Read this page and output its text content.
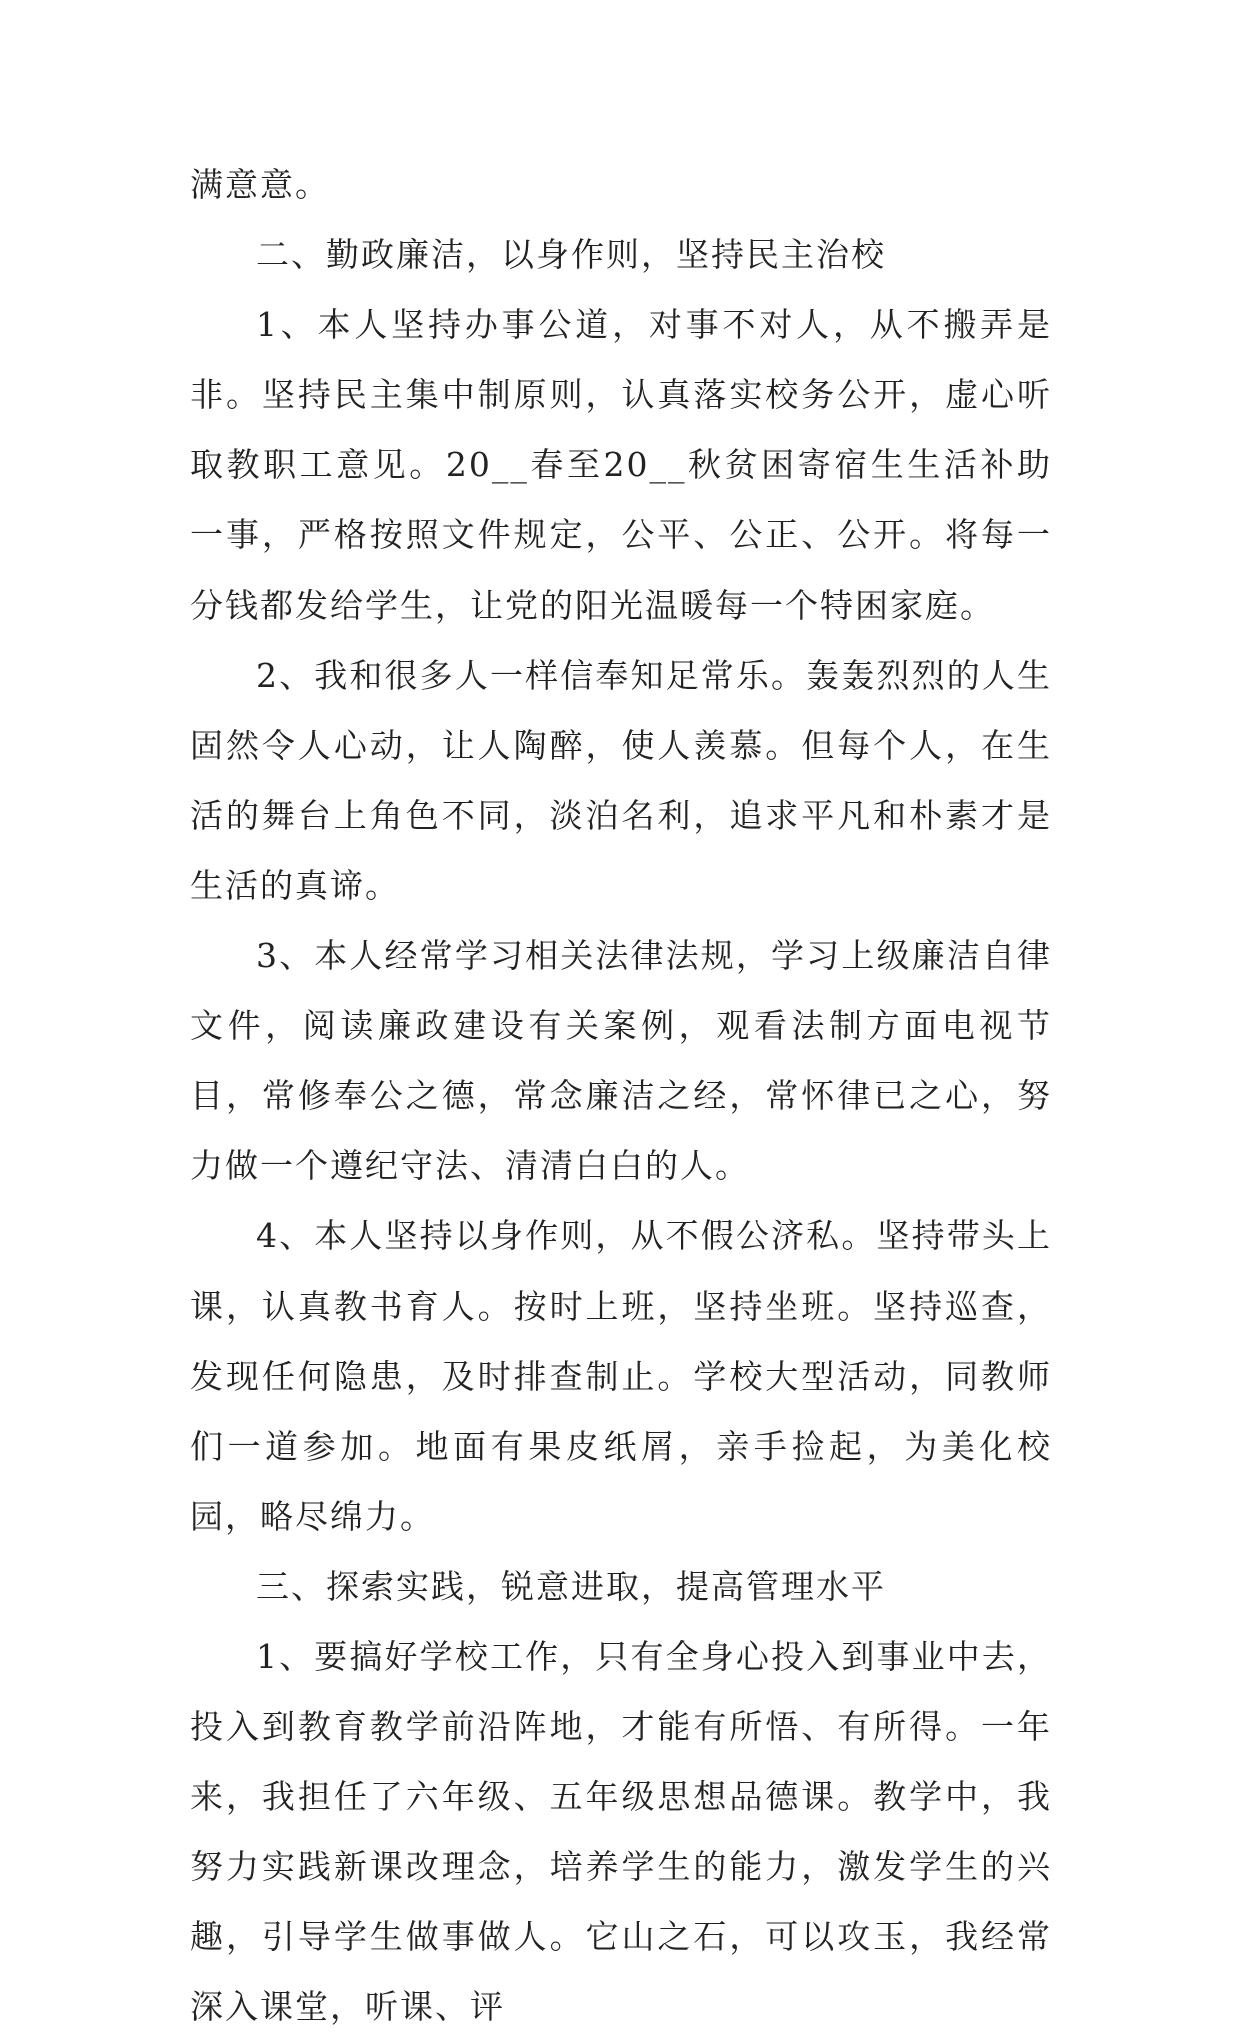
满意意。

二、勤政廉洁，以身作则，坚持民主治校

1、本人坚持办事公道，对事不对人，从不搬弄是非。坚持民主集中制原则，认真落实校务公开，虚心听取教职工意见。20__春至20__秋贫困寄宿生生活补助一事，严格按照文件规定，公平、公正、公开。将每一分钱都发给学生，让党的阳光温暖每一个特困家庭。

2、我和很多人一样信奉知足常乐。轰轰烈烈的人生固然令人心动，让人陶醉，使人羡慕。但每个人，在生活的舞台上角色不同，淡泊名利，追求平凡和朴素才是生活的真谛。

3、本人经常学习相关法律法规，学习上级廉洁自律文件，阅读廉政建设有关案例，观看法制方面电视节目，常修奉公之德，常念廉洁之经，常怀律已之心，努力做一个遵纪守法、清清白白的人。

4、本人坚持以身作则，从不假公济私。坚持带头上课，认真教书育人。按时上班，坚持坐班。坚持巡查，发现任何隐患，及时排查制止。学校大型活动，同教师们一道参加。地面有果皮纸屑，亲手捡起，为美化校园，略尽绵力。

三、探索实践，锐意进取，提高管理水平

1、要搞好学校工作，只有全身心投入到事业中去，投入到教育教学前沿阵地，才能有所悟、有所得。一年来，我担任了六年级、五年级思想品德课。教学中，我努力实践新课改理念，培养学生的能力，激发学生的兴趣，引导学生做事做人。它山之石，可以攻玉，我经常深入课堂，听课、评
